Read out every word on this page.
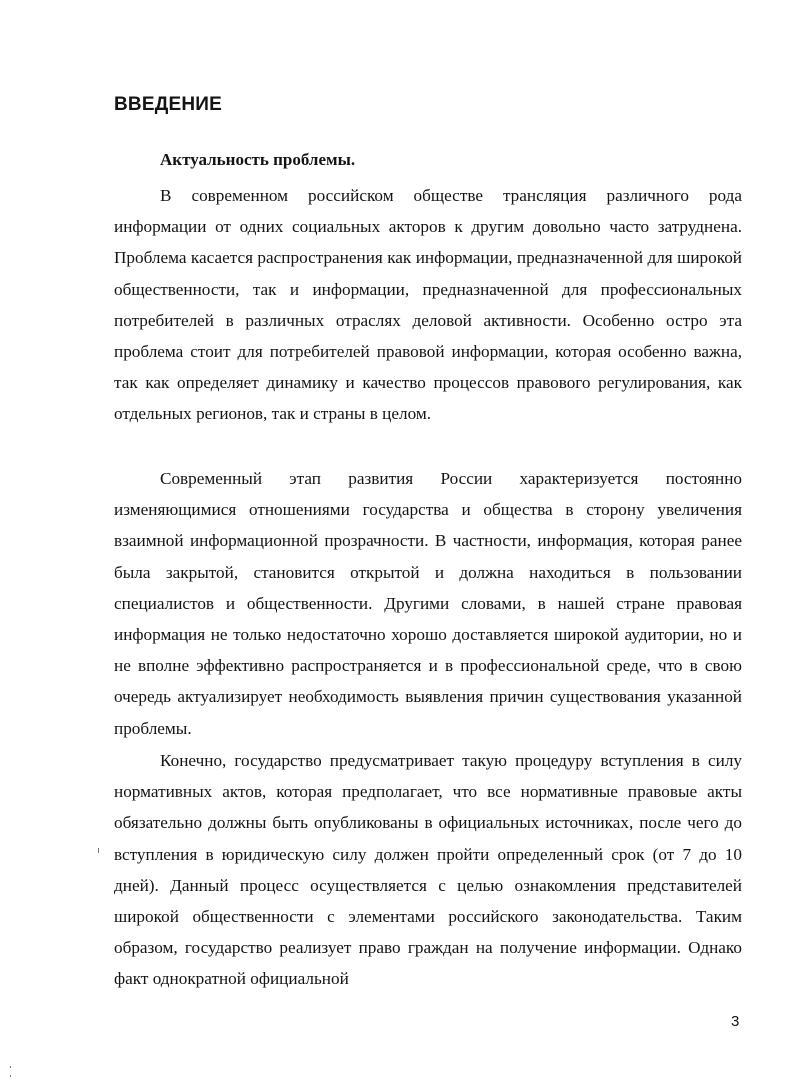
ВВЕДЕНИЕ
Актуальность проблемы.

В современном российском обществе трансляция различного рода информации от одних социальных акторов к другим довольно часто затруднена. Проблема касается распространения как информации, предназначенной для широкой общественности, так и информации, предназначенной для профессиональных потребителей в различных отраслях деловой активности. Особенно остро эта проблема стоит для потребителей правовой информации, которая особенно важна, так как определяет динамику и качество процессов правового регулирования, как отдельных регионов, так и страны в целом.

Современный этап развития России характеризуется постоянно изменяющимися отношениями государства и общества в сторону увеличения взаимной информационной прозрачности. В частности, информация, которая ранее была закрытой, становится открытой и должна находиться в пользовании специалистов и общественности. Другими словами, в нашей стране правовая информация не только недостаточно хорошо доставляется широкой аудитории, но и не вполне эффективно распространяется и в профессиональной среде, что в свою очередь актуализирует необходимость выявления причин существования указанной проблемы.

Конечно, государство предусматривает такую процедуру вступления в силу нормативных актов, которая предполагает, что все нормативные правовые акты обязательно должны быть опубликованы в официальных источниках, после чего до вступления в юридическую силу должен пройти определенный срок (от 7 до 10 дней). Данный процесс осуществляется с целью ознакомления представителей широкой общественности с элементами российского законодательства. Таким образом, государство реализует право граждан на получение информации. Однако факт однократной официальной

3
